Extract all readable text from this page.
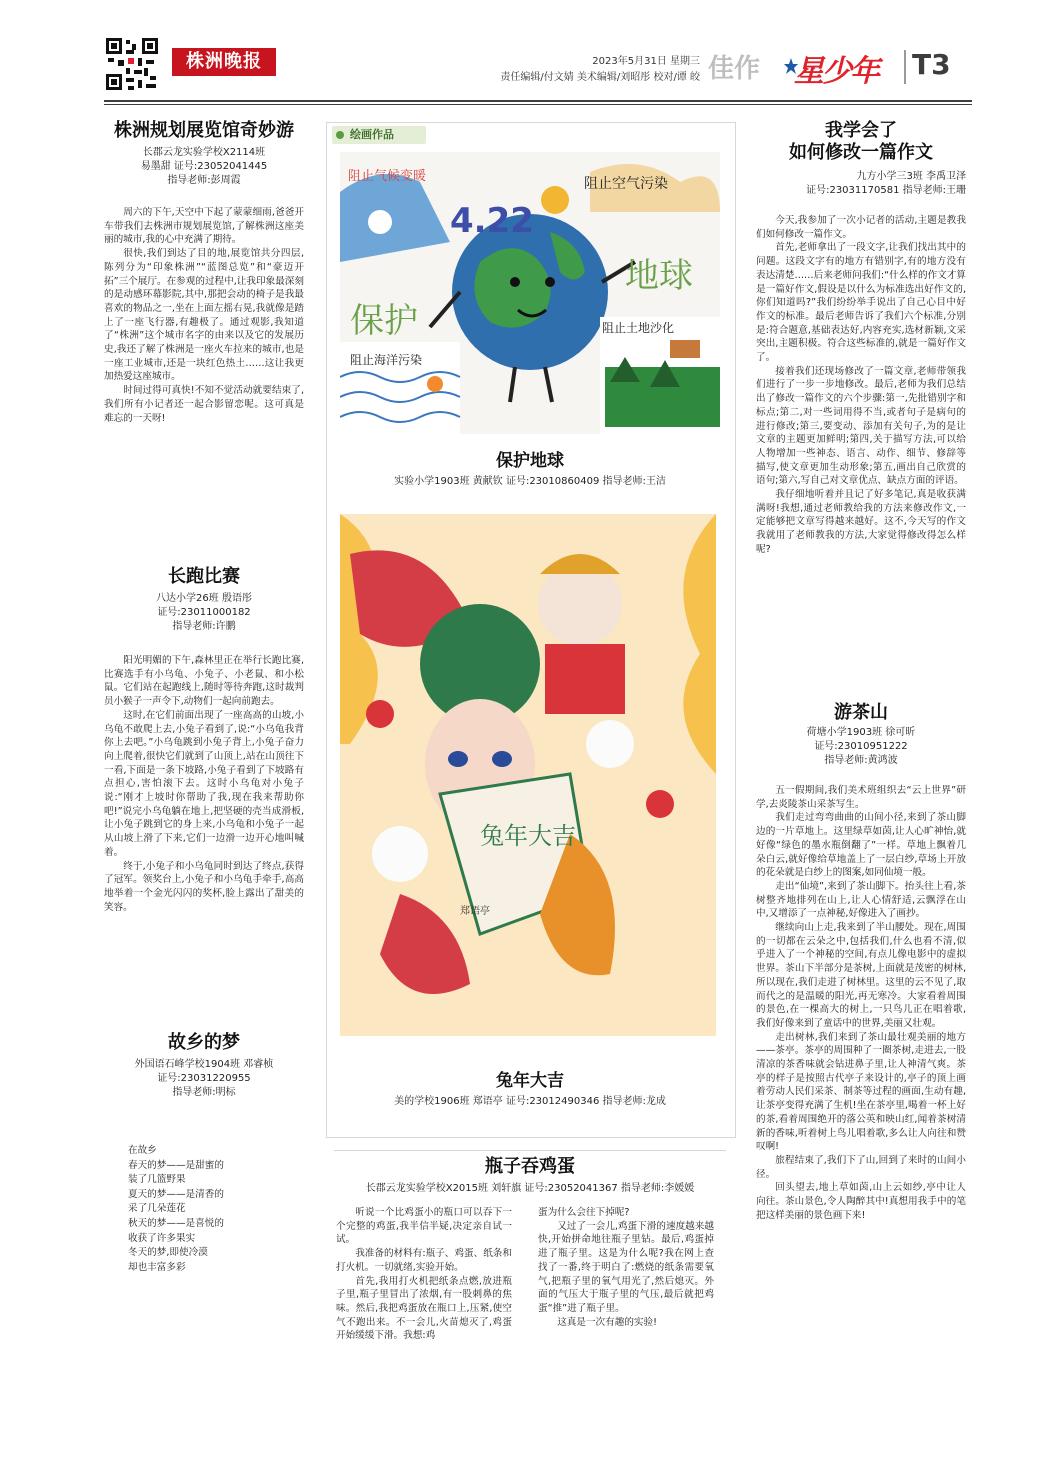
株洲晚报	2023年5月31日 星期三
责任编辑/付文婧 美术编辑/刘昭彤 校对/谭 皎 佳作	星少年 T3
株洲规划展览馆奇妙游
长郡云龙实验学校X2114班
易墨甜 证号:23052041445
指导老师:彭周霞

周六的下午,天空中下起了蒙蒙细雨,爸爸开车带我们去株洲市规划展览馆,了解株洲这座美丽的城市,我的心中充满了期待。

很快,我们到达了目的地,展览馆共分四层,陈列分为“印象株洲”“蓝图总览”和“豪迈开拓”三个展厅。在参观的过程中,让我印象最深刻的是动感环幕影院,其中,那把会动的椅子是我最喜欢的物品之一,坐在上面左摇右晃,我就像是踏上了一座飞行器,有趣极了。通过观影,我知道了“株洲”这个城市名字的由来以及它的发展历史,我还了解了株洲是一座火车拉来的城市,也是一座工业城市,还是一块红色热土……这让我更加热爱这座城市。

时间过得可真快!不知不觉活动就要结束了,我们所有小记者还一起合影留恋呢。这可真是难忘的一天呀!

长跑比赛
八达小学26班 殷语彤
证号:23011000182
指导老师:许鹏

阳光明媚的下午,森林里正在举行长跑比赛,比赛选手有小乌龟、小兔子、小老鼠、和小松鼠。它们站在起跑线上,随时等待奔跑,这时裁判员小猴子一声令下,动物们一起向前跑去。

这时,在它们前面出现了一座高高的山坡,小乌龟不敢爬上去,小兔子看到了,说:“小乌龟我背你上去吧。”小乌龟跳到小兔子背上,小兔子奋力向上爬着,很快它们就到了山顶上,站在山顶往下一看,下面是一条下坡路,小兔子看到了下坡路有点担心,害怕滚下去。这时小乌龟对小兔子说:“刚才上坡时你帮助了我,现在我来帮助你吧!”说完小乌龟躺在地上,把坚硬的壳当成滑板,让小兔子跳到它的身上来,小乌龟和小兔子一起从山坡上滑了下来,它们一边滑一边开心地叫喊着。

终于,小兔子和小乌龟同时到达了终点,获得了冠军。领奖台上,小兔子和小乌龟手牵手,高高地举着一个金光闪闪的奖杯,脸上露出了甜美的笑容。

故乡的梦
外国语石峰学校1904班 邓睿桢
证号:23031220955
指导老师:明标
在故乡
春天的梦——是甜蜜的
装了几篮野果
夏天的梦——是清香的
采了几朵莲花
秋天的梦——是喜悦的
收获了许多果实
冬天的梦,即使冷漠
却也丰富多彩
绘画作品
阻止气候变暖	阻止空气污染
4.22
保护
地球
阻止海洋污染
阻止土地沙化
保护地球
实验小学1903班 黄献钦 证号:23010860409 指导老师:王洁
兔年大吉
郑语亭
兔年大吉
美的学校1906班 郑语亭 证号:23012490346 指导老师:龙成
瓶子吞鸡蛋
长郡云龙实验学校X2015班 刘轩旗 证号:23052041367 指导老师:李媛媛

听说一个比鸡蛋小的瓶口可以吞下一个完整的鸡蛋,我半信半疑,决定亲自试一试。

我准备的材料有:瓶子、鸡蛋、纸条和打火机。一切就绪,实验开始。

首先,我用打火机把纸条点燃,放进瓶子里,瓶子里冒出了浓烟,有一股刺鼻的焦味。然后,我把鸡蛋放在瓶口上,压紧,使空气不跑出来。不一会儿,火苗熄灭了,鸡蛋开始缓缓下滑。我想:鸡

蛋为什么会往下掉呢?

又过了一会儿,鸡蛋下滑的速度越来越快,开始拼命地往瓶子里钻。最后,鸡蛋掉进了瓶子里。这是为什么呢?我在网上查找了一番,终于明白了:燃烧的纸条需要氧气,把瓶子里的氧气用光了,然后熄灭。外面的气压大于瓶子里的气压,最后就把鸡蛋“推”进了瓶子里。

这真是一次有趣的实验!

我学会了
如何修改一篇作文
九方小学三3班 李禹卫泽
证号:23031170581 指导老师:王珊

今天,我参加了一次小记者的活动,主题是教我们如何修改一篇作文。

首先,老师拿出了一段文字,让我们找出其中的问题。这段文字有的地方有错别字,有的地方没有表达清楚……后来老师问我们:“什么样的作文才算是一篇好作文,假设是以什么为标准选出好作文的,你们知道吗?”我们纷纷举手说出了自己心目中好作文的标准。最后老师告诉了我们六个标准,分别是:符合题意,基础表达好,内容充实,选材新颖,文采突出,主题积极。符合这些标准的,就是一篇好作文了。

接着我们还现场修改了一篇文章,老师带领我们进行了一步一步地修改。最后,老师为我们总结出了修改一篇作文的六个步骤:第一,先批错别字和标点;第二,对一些词用得不当,或者句子是病句的进行修改;第三,要变动、添加有关句子,为的是让文章的主题更加鲜明;第四,关于描写方法,可以给人物增加一些神态、语言、动作、细节、修辞等描写,使文章更加生动形象;第五,画出自己欣赏的语句;第六,写自己对文章优点、缺点方面的评语。

我仔细地听着并且记了好多笔记,真是收获满满呀!我想,通过老师教给我的方法来修改作文,一定能够把文章写得越来越好。这不,今天写的作文我就用了老师教我的方法,大家觉得修改得怎么样呢?

游茶山
荷塘小学1903班 徐可昕
证号:23010951222
指导老师:黄鸿波

五一假期间,我们美术班组织去“云上世界”研学,去炎陵茶山采茶写生。

我们走过弯弯曲曲的山间小径,来到了茶山脚边的一片草地上。这里绿草如茵,让人心旷神怡,就好像“绿色的墨水瓶倒翻了”一样。草地上飘着几朵白云,就好像给草地盖上了一层白纱,草场上开放的花朵就是白纱上的图案,如同仙境一般。

走出“仙境”,来到了茶山脚下。抬头往上看,茶树整齐地排列在山上,让人心情舒适,云飘浮在山中,又增添了一点神秘,好像进入了画抄。

继续向山上走,我来到了半山腰处。现在,周围的一切都在云朵之中,包括我们,什么也看不清,似乎进入了一个神秘的空间,有点儿像电影中的虚拟世界。茶山下半部分是茶树,上面就是茂密的树林,所以现在,我们走进了树林里。这里的云不见了,取而代之的是温暖的阳光,再无寒冷。大家看着周围的景色,在一棵高大的树上,一只鸟儿正在唱着歌,我们好像来到了童话中的世界,美丽又壮观。

走出树林,我们来到了茶山最壮观美丽的地方——茶亭。茶亭的周围种了一圈茶树,走进去,一股清凉的茶香味就会钻进鼻子里,让人神清气爽。茶亭的样子是按照古代亭子来设计的,亭子的顶上画着劳动人民们采茶、制茶等过程的画面,生动有趣,让茶亭变得充满了生机!坐在茶亭里,喝着一杯上好的茶,看着周围绝开的落公英和映山红,闻着茶树清新的香味,听着树上鸟儿唱着歌,多么让人向往和赞叹啊!

旅程结束了,我们下了山,回到了来时的山间小径。

回头望去,地上草如茵,山上云如纱,亭中让人向往。茶山景色,令人陶醉其中!真想用我手中的笔把这样美丽的景色画下来!
